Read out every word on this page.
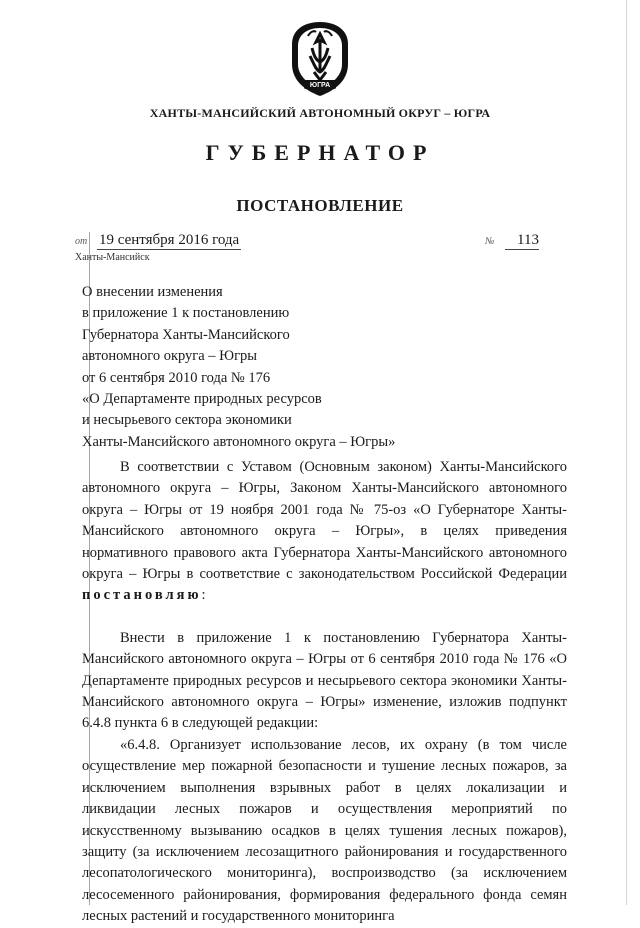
ЮГРА
ХАНТЫ-МАНСИЙСКИЙ АВТОНОМНЫЙ ОКРУГ – ЮГРА
ГУБЕРНАТОР
ПОСТАНОВЛЕНИЕ
от 19 сентября 2016 года	№	113
Ханты-Мансийск
О внесении изменения
в приложение 1 к постановлению
Губернатора Ханты-Мансийского
автономного округа – Югры
от 6 сентября 2010 года № 176
«О Департаменте природных ресурсов
и несырьевого сектора экономики
Ханты-Мансийского автономного округа – Югры»

В соответствии с Уставом (Основным законом) Ханты-Мансийского автономного округа – Югры, Законом Ханты-Мансийского автономного округа – Югры от 19 ноября 2001 года № 75-оз «О Губернаторе Ханты-Мансийского автономного округа – Югры», в целях приведения нормативного правового акта Губернатора Ханты-Мансийского автономного округа – Югры в соответствие с законодательством Российской Федерации постановляю:

Внести в приложение 1 к постановлению Губернатора Ханты-Мансийского автономного округа – Югры от 6 сентября 2010 года № 176 «О Департаменте природных ресурсов и несырьевого сектора экономики Ханты-Мансийского автономного округа – Югры» изменение, изложив подпункт 6.4.8 пункта 6 в следующей редакции:

«6.4.8. Организует использование лесов, их охрану (в том числе осуществление мер пожарной безопасности и тушение лесных пожаров, за исключением выполнения взрывных работ в целях локализации и ликвидации лесных пожаров и осуществления мероприятий по искусственному вызыванию осадков в целях тушения лесных пожаров), защиту (за исключением лесозащитного районирования и государственного лесопатологического мониторинга), воспроизводство (за исключением лесосеменного районирования, формирования федерального фонда семян лесных растений и государственного мониторинга
